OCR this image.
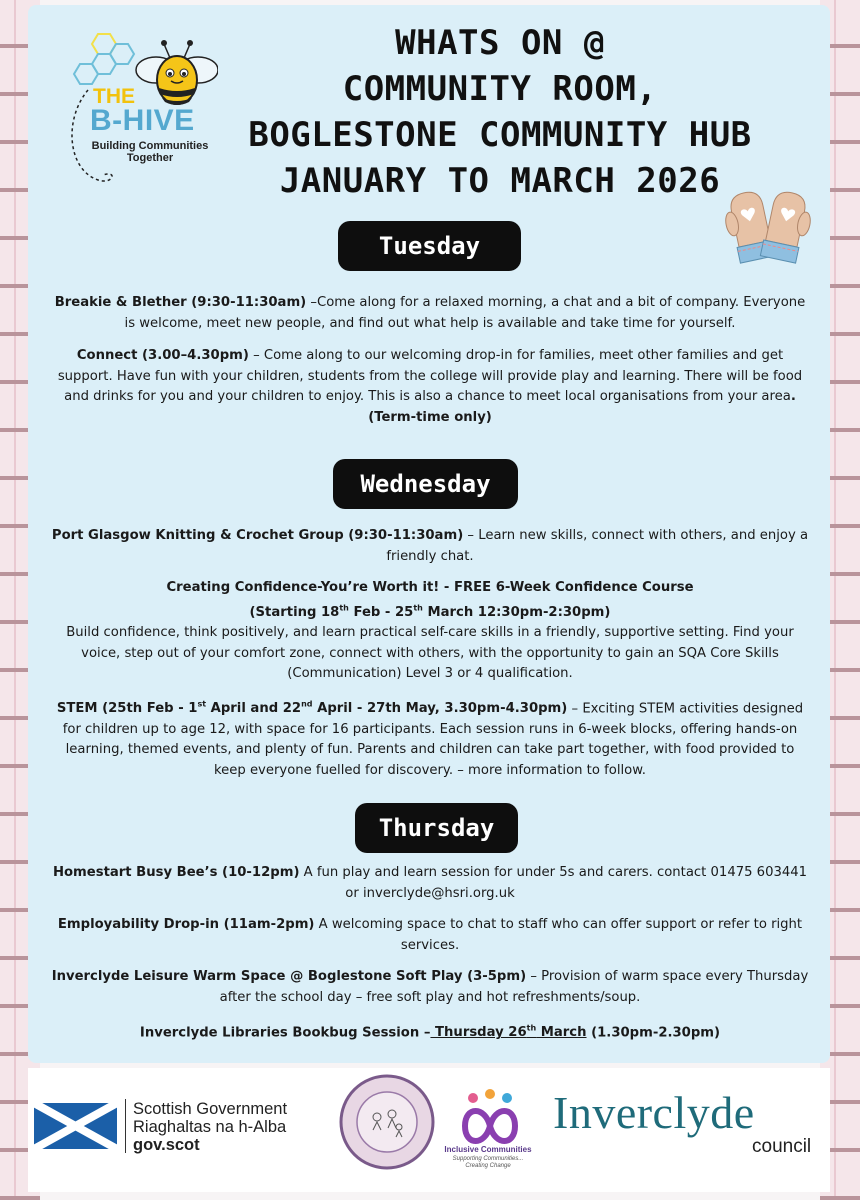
THE
B-HIVE
Building Communities
Together
WHATS ON @
COMMUNITY ROOM,
BOGLESTONE COMMUNITY HUB
JANUARY TO MARCH 2026
Tuesday
Breakie & Blether (9:30-11:30am) –Come along for a relaxed morning, a chat and a bit of company. Everyone is welcome, meet new people, and find out what help is available and take time for yourself.
Connect (3.00–4.30pm) – Come along to our welcoming drop-in for families, meet other families and get support. Have fun with your children, students from the college will provide play and learning. There will be food and drinks for you and your children to enjoy. This is also a chance to meet local organisations from your area. (Term-time only)
Wednesday
Port Glasgow Knitting & Crochet Group (9:30-11:30am) – Learn new skills, connect with others, and enjoy a friendly chat.
Creating Confidence-You’re Worth it! - FREE 6-Week Confidence Course
(Starting 18th Feb - 25th March 12:30pm-2:30pm)
Build confidence, think positively, and learn practical self-care skills in a friendly, supportive setting. Find your voice, step out of your comfort zone, connect with others, with the opportunity to gain an SQA Core Skills (Communication) Level 3 or 4 qualification.
STEM (25th Feb - 1st April and 22nd April - 27th May, 3.30pm-4.30pm) – Exciting STEM activities designed for children up to age 12, with space for 16 participants. Each session runs in 6-week blocks, offering hands-on learning, themed events, and plenty of fun. Parents and children can take part together, with food provided to keep everyone fuelled for discovery. – more information to follow.
Thursday
Homestart Busy Bee’s (10-12pm) A fun play and learn session for under 5s and carers. contact 01475 603441 or inverclyde@hsri.org.uk
Employability Drop-in (11am-2pm) A welcoming space to chat to staff who can offer support or refer to right services.
Inverclyde Leisure Warm Space @ Boglestone Soft Play (3-5pm) – Provision of warm space every Thursday after the school day – free soft play and hot refreshments/soup.
Inverclyde Libraries Bookbug Session – Thursday 26th March (1.30pm-2.30pm)
Scottish Government
Riaghaltas na h-Alba
gov.scot	Inclusive Communities
Supporting Communities...
Creating Change
Inverclyde
council
